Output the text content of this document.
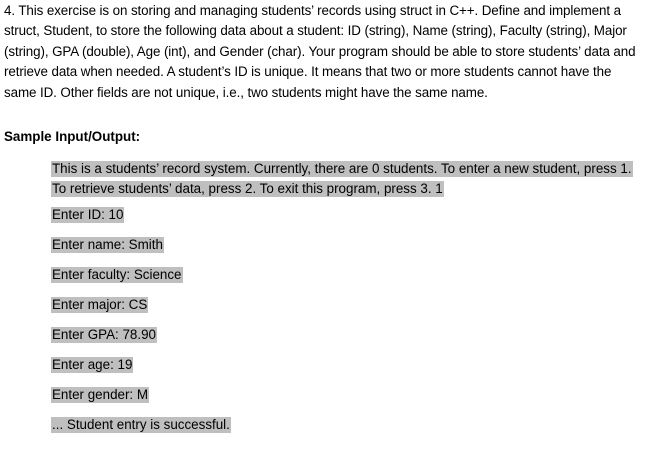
4. This exercise is on storing and managing students’ records using struct in C++. Define and implement a struct, Student, to store the following data about a student: ID (string), Name (string), Faculty (string), Major (string), GPA (double), Age (int), and Gender (char). Your program should be able to store students’ data and retrieve data when needed. A student’s ID is unique. It means that two or more students cannot have the same ID. Other fields are not unique, i.e., two students might have the same name.
Sample Input/Output:
This is a students’ record system. Currently, there are 0 students. To enter a new student, press 1. To retrieve students’ data, press 2. To exit this program, press 3. 1
Enter ID: 10
Enter name: Smith
Enter faculty: Science
Enter major: CS
Enter GPA: 78.90
Enter age: 19
Enter gender: M
... Student entry is successful.
